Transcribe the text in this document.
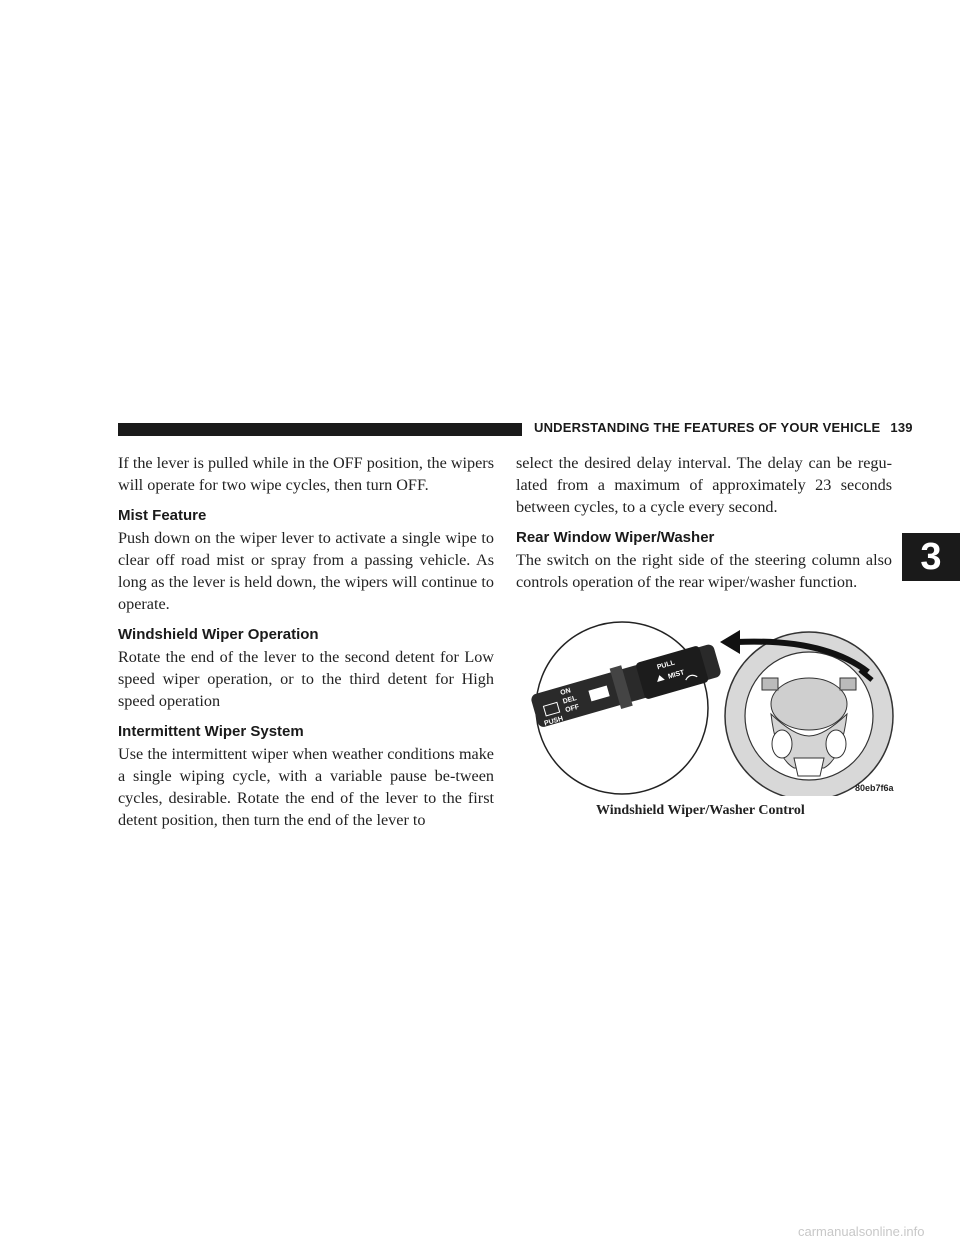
UNDERSTANDING THE FEATURES OF YOUR VEHICLE 139

If the lever is pulled while in the OFF position, the wipers will operate for two wipe cycles, then turn OFF.

Mist Feature

Push down on the wiper lever to activate a single wipe to clear off road mist or spray from a passing vehicle. As long as the lever is held down, the wipers will continue to operate.

Windshield Wiper Operation

Rotate the end of the lever to the second detent for Low speed wiper operation, or to the third detent for High speed operation

Intermittent Wiper System

Use the intermittent wiper when weather conditions make a single wiping cycle, with a variable pause be-tween cycles, desirable. Rotate the end of the lever to the first detent position, then turn the end of the lever to

select the desired delay interval. The delay can be regu-lated from a maximum of approximately 23 seconds between cycles, to a cycle every second.

Rear Window Wiper/Washer

The switch on the right side of the steering column also controls operation of the rear wiper/washer function.

3
ON
DEL
OFF
PUSH
PULL
MIST
80eb7f6a
Windshield Wiper/Washer Control
carmanualsonline.info
